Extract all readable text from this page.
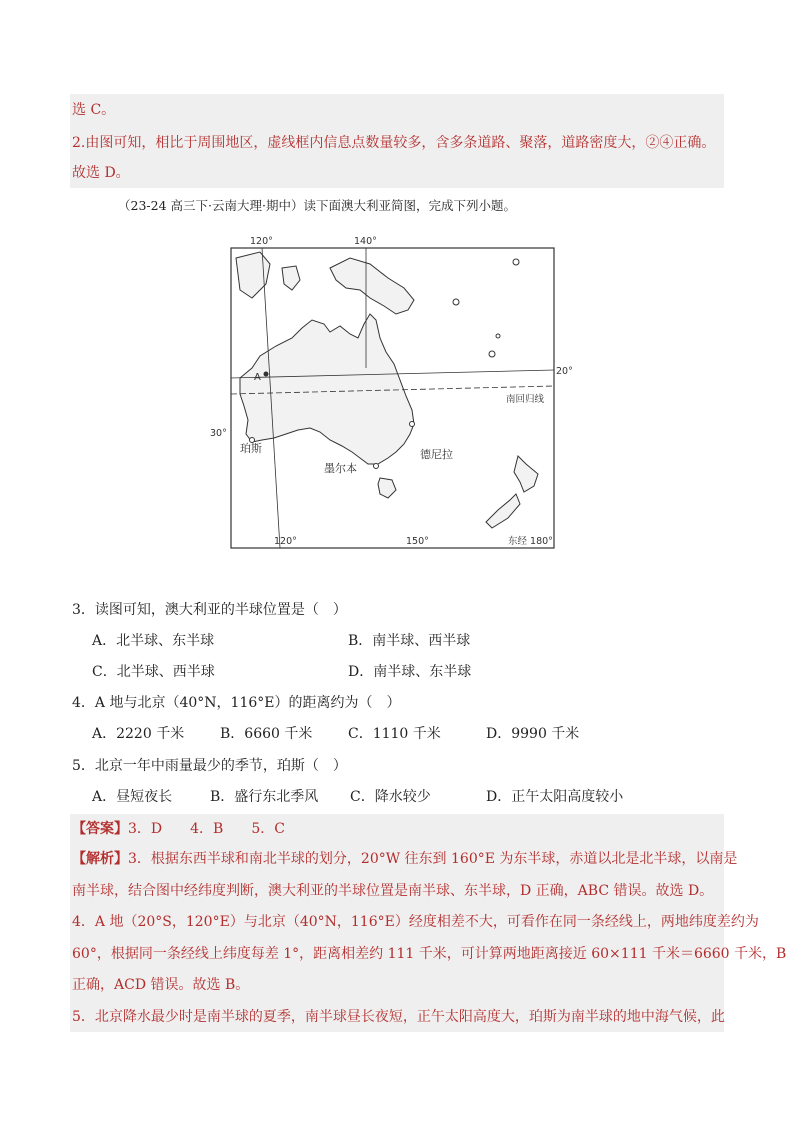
选 C。
2.由图可知，相比于周围地区，虚线框内信息点数量较多，含多条道路、聚落，道路密度大，②④正确。
故选 D。
（23-24 高三下·云南大理·期中）读下面澳大利亚简图，完成下列小题。
120°	140°
20°
30°
南回归线
A
珀斯
墨尔本
德尼拉
120°	150°	东经 180°
3．读图可知，澳大利亚的半球位置是（　）
A．北半球、东半球	B．南半球、西半球
C．北半球、西半球	D．南半球、东半球
4．A 地与北京（40°N，116°E）的距离约为（　）
A．2220 千米	B．6660 千米	C．1110 千米	D．9990 千米
5．北京一年中雨量最少的季节，珀斯（　）
A．昼短夜长	B．盛行东北季风 C．降水较少	D．正午太阳高度较小
【答案】3．D　　4．B　　5．C
【解析】3．根据东西半球和南北半球的划分，20°W 往东到 160°E 为东半球，赤道以北是北半球，以南是
南半球，结合图中经纬度判断，澳大利亚的半球位置是南半球、东半球，D 正确，ABC 错误。故选 D。
4．A 地（20°S，120°E）与北京（40°N，116°E）经度相差不大，可看作在同一条经线上，两地纬度差约为
60°，根据同一条经线上纬度每差 1°，距离相差约 111 千米，可计算两地距离接近 60×111 千米＝6660 千米，B
正确，ACD 错误。故选 B。
5．北京降水最少时是南半球的夏季，南半球昼长夜短，正午太阳高度大，珀斯为南半球的地中海气候，此
